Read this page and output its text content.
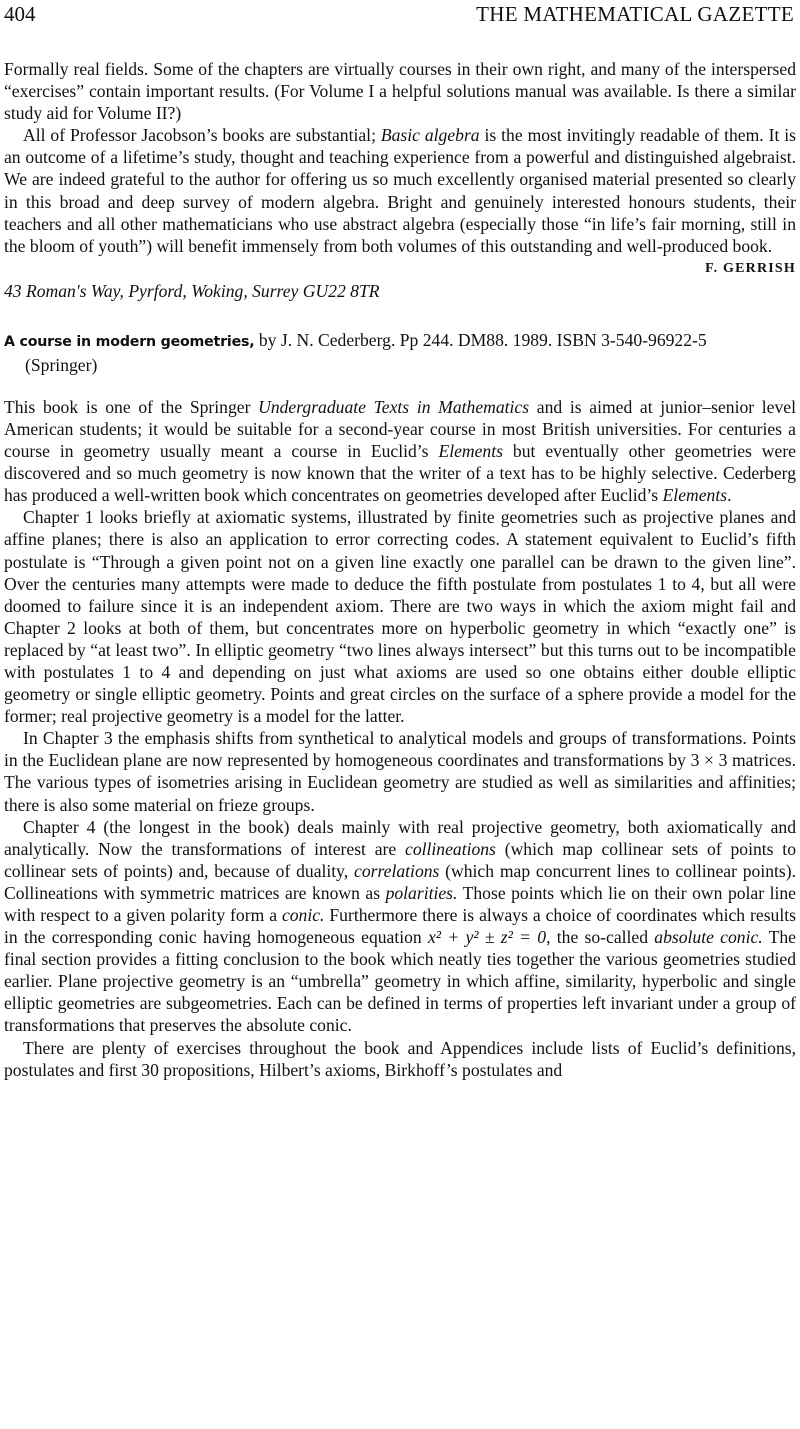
404	THE MATHEMATICAL GAZETTE

Formally real fields. Some of the chapters are virtually courses in their own right, and many of the interspersed “exercises” contain important results. (For Volume I a helpful solutions manual was available. Is there a similar study aid for Volume II?)

All of Professor Jacobson’s books are substantial; Basic algebra is the most invitingly readable of them. It is an outcome of a lifetime’s study, thought and teaching experience from a powerful and distinguished algebraist. We are indeed grateful to the author for offering us so much excellently organised material presented so clearly in this broad and deep survey of modern algebra. Bright and genuinely interested honours students, their teachers and all other mathematicians who use abstract algebra (especially those “in life’s fair morning, still in the bloom of youth”) will benefit immensely from both volumes of this outstanding and well-produced book.

F. GERRISH
43 Roman's Way, Pyrford, Woking, Surrey GU22 8TR
A course in modern geometries, by J. N. Cederberg. Pp 244. DM88. 1989. ISBN 3-540-96922-5
(Springer)

This book is one of the Springer Undergraduate Texts in Mathematics and is aimed at junior–senior level American students; it would be suitable for a second-year course in most British universities. For centuries a course in geometry usually meant a course in Euclid’s Elements but eventually other geometries were discovered and so much geometry is now known that the writer of a text has to be highly selective. Cederberg has produced a well-written book which concentrates on geometries developed after Euclid’s Elements.

Chapter 1 looks briefly at axiomatic systems, illustrated by finite geometries such as projective planes and affine planes; there is also an application to error correcting codes. A statement equivalent to Euclid’s fifth postulate is “Through a given point not on a given line exactly one parallel can be drawn to the given line”. Over the centuries many attempts were made to deduce the fifth postulate from postulates 1 to 4, but all were doomed to failure since it is an independent axiom. There are two ways in which the axiom might fail and Chapter 2 looks at both of them, but concentrates more on hyperbolic geometry in which “exactly one” is replaced by “at least two”. In elliptic geometry “two lines always intersect” but this turns out to be incompatible with postulates 1 to 4 and depending on just what axioms are used so one obtains either double elliptic geometry or single elliptic geometry. Points and great circles on the surface of a sphere provide a model for the former; real projective geometry is a model for the latter.

In Chapter 3 the emphasis shifts from synthetical to analytical models and groups of transformations. Points in the Euclidean plane are now represented by homogeneous coordinates and transformations by 3 × 3 matrices. The various types of isometries arising in Euclidean geometry are studied as well as similarities and affinities; there is also some material on frieze groups.

Chapter 4 (the longest in the book) deals mainly with real projective geometry, both axiomatically and analytically. Now the transformations of interest are collineations (which map collinear sets of points to collinear sets of points) and, because of duality, correlations (which map concurrent lines to collinear points). Collineations with symmetric matrices are known as polarities. Those points which lie on their own polar line with respect to a given polarity form a conic. Furthermore there is always a choice of coordinates which results in the corresponding conic having homogeneous equation x² + y² ± z² = 0, the so-called absolute conic. The final section provides a fitting conclusion to the book which neatly ties together the various geometries studied earlier. Plane projective geometry is an “umbrella” geometry in which affine, similarity, hyperbolic and single elliptic geometries are subgeometries. Each can be defined in terms of properties left invariant under a group of transformations that preserves the absolute conic.

There are plenty of exercises throughout the book and Appendices include lists of Euclid’s definitions, postulates and first 30 propositions, Hilbert’s axioms, Birkhoff’s postulates and
